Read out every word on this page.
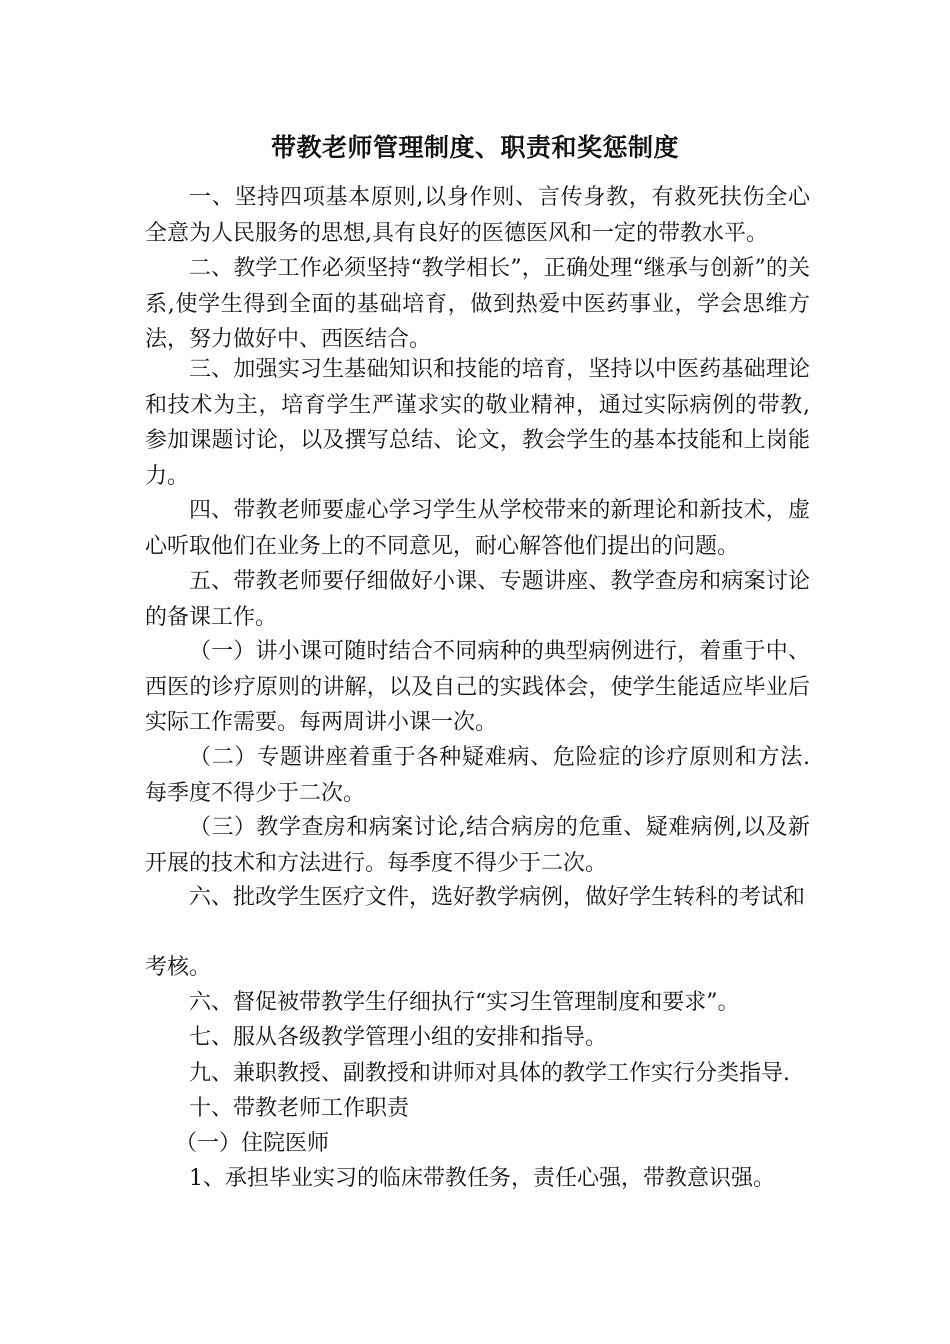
带教老师管理制度、职责和奖惩制度

一、坚持四项基本原则,以身作则、言传身教，有救死扶伤全心全意为人民服务的思想,具有良好的医德医风和一定的带教水平。

二、教学工作必须坚持“教学相长”，正确处理“继承与创新”的关系,使学生得到全面的基础培育，做到热爱中医药事业，学会思维方法，努力做好中、西医结合。

三、加强实习生基础知识和技能的培育，坚持以中医药基础理论和技术为主，培育学生严谨求实的敬业精神，通过实际病例的带教,参加课题讨论，以及撰写总结、论文，教会学生的基本技能和上岗能力。

四、带教老师要虚心学习学生从学校带来的新理论和新技术，虚心听取他们在业务上的不同意见，耐心解答他们提出的问题。

五、带教老师要仔细做好小课、专题讲座、教学查房和病案讨论的备课工作。

（一）讲小课可随时结合不同病种的典型病例进行，着重于中、西医的诊疗原则的讲解，以及自己的实践体会，使学生能适应毕业后实际工作需要。每两周讲小课一次。

（二）专题讲座着重于各种疑难病、危险症的诊疗原则和方法.每季度不得少于二次。

（三）教学查房和病案讨论,结合病房的危重、疑难病例,以及新开展的技术和方法进行。每季度不得少于二次。

六、批改学生医疗文件，选好教学病例，做好学生转科的考试和

考核。

六、督促被带教学生仔细执行“实习生管理制度和要求”。

七、服从各级教学管理小组的安排和指导。

九、兼职教授、副教授和讲师对具体的教学工作实行分类指导.

十、带教老师工作职责

（一）住院医师

1、承担毕业实习的临床带教任务，责任心强，带教意识强。
